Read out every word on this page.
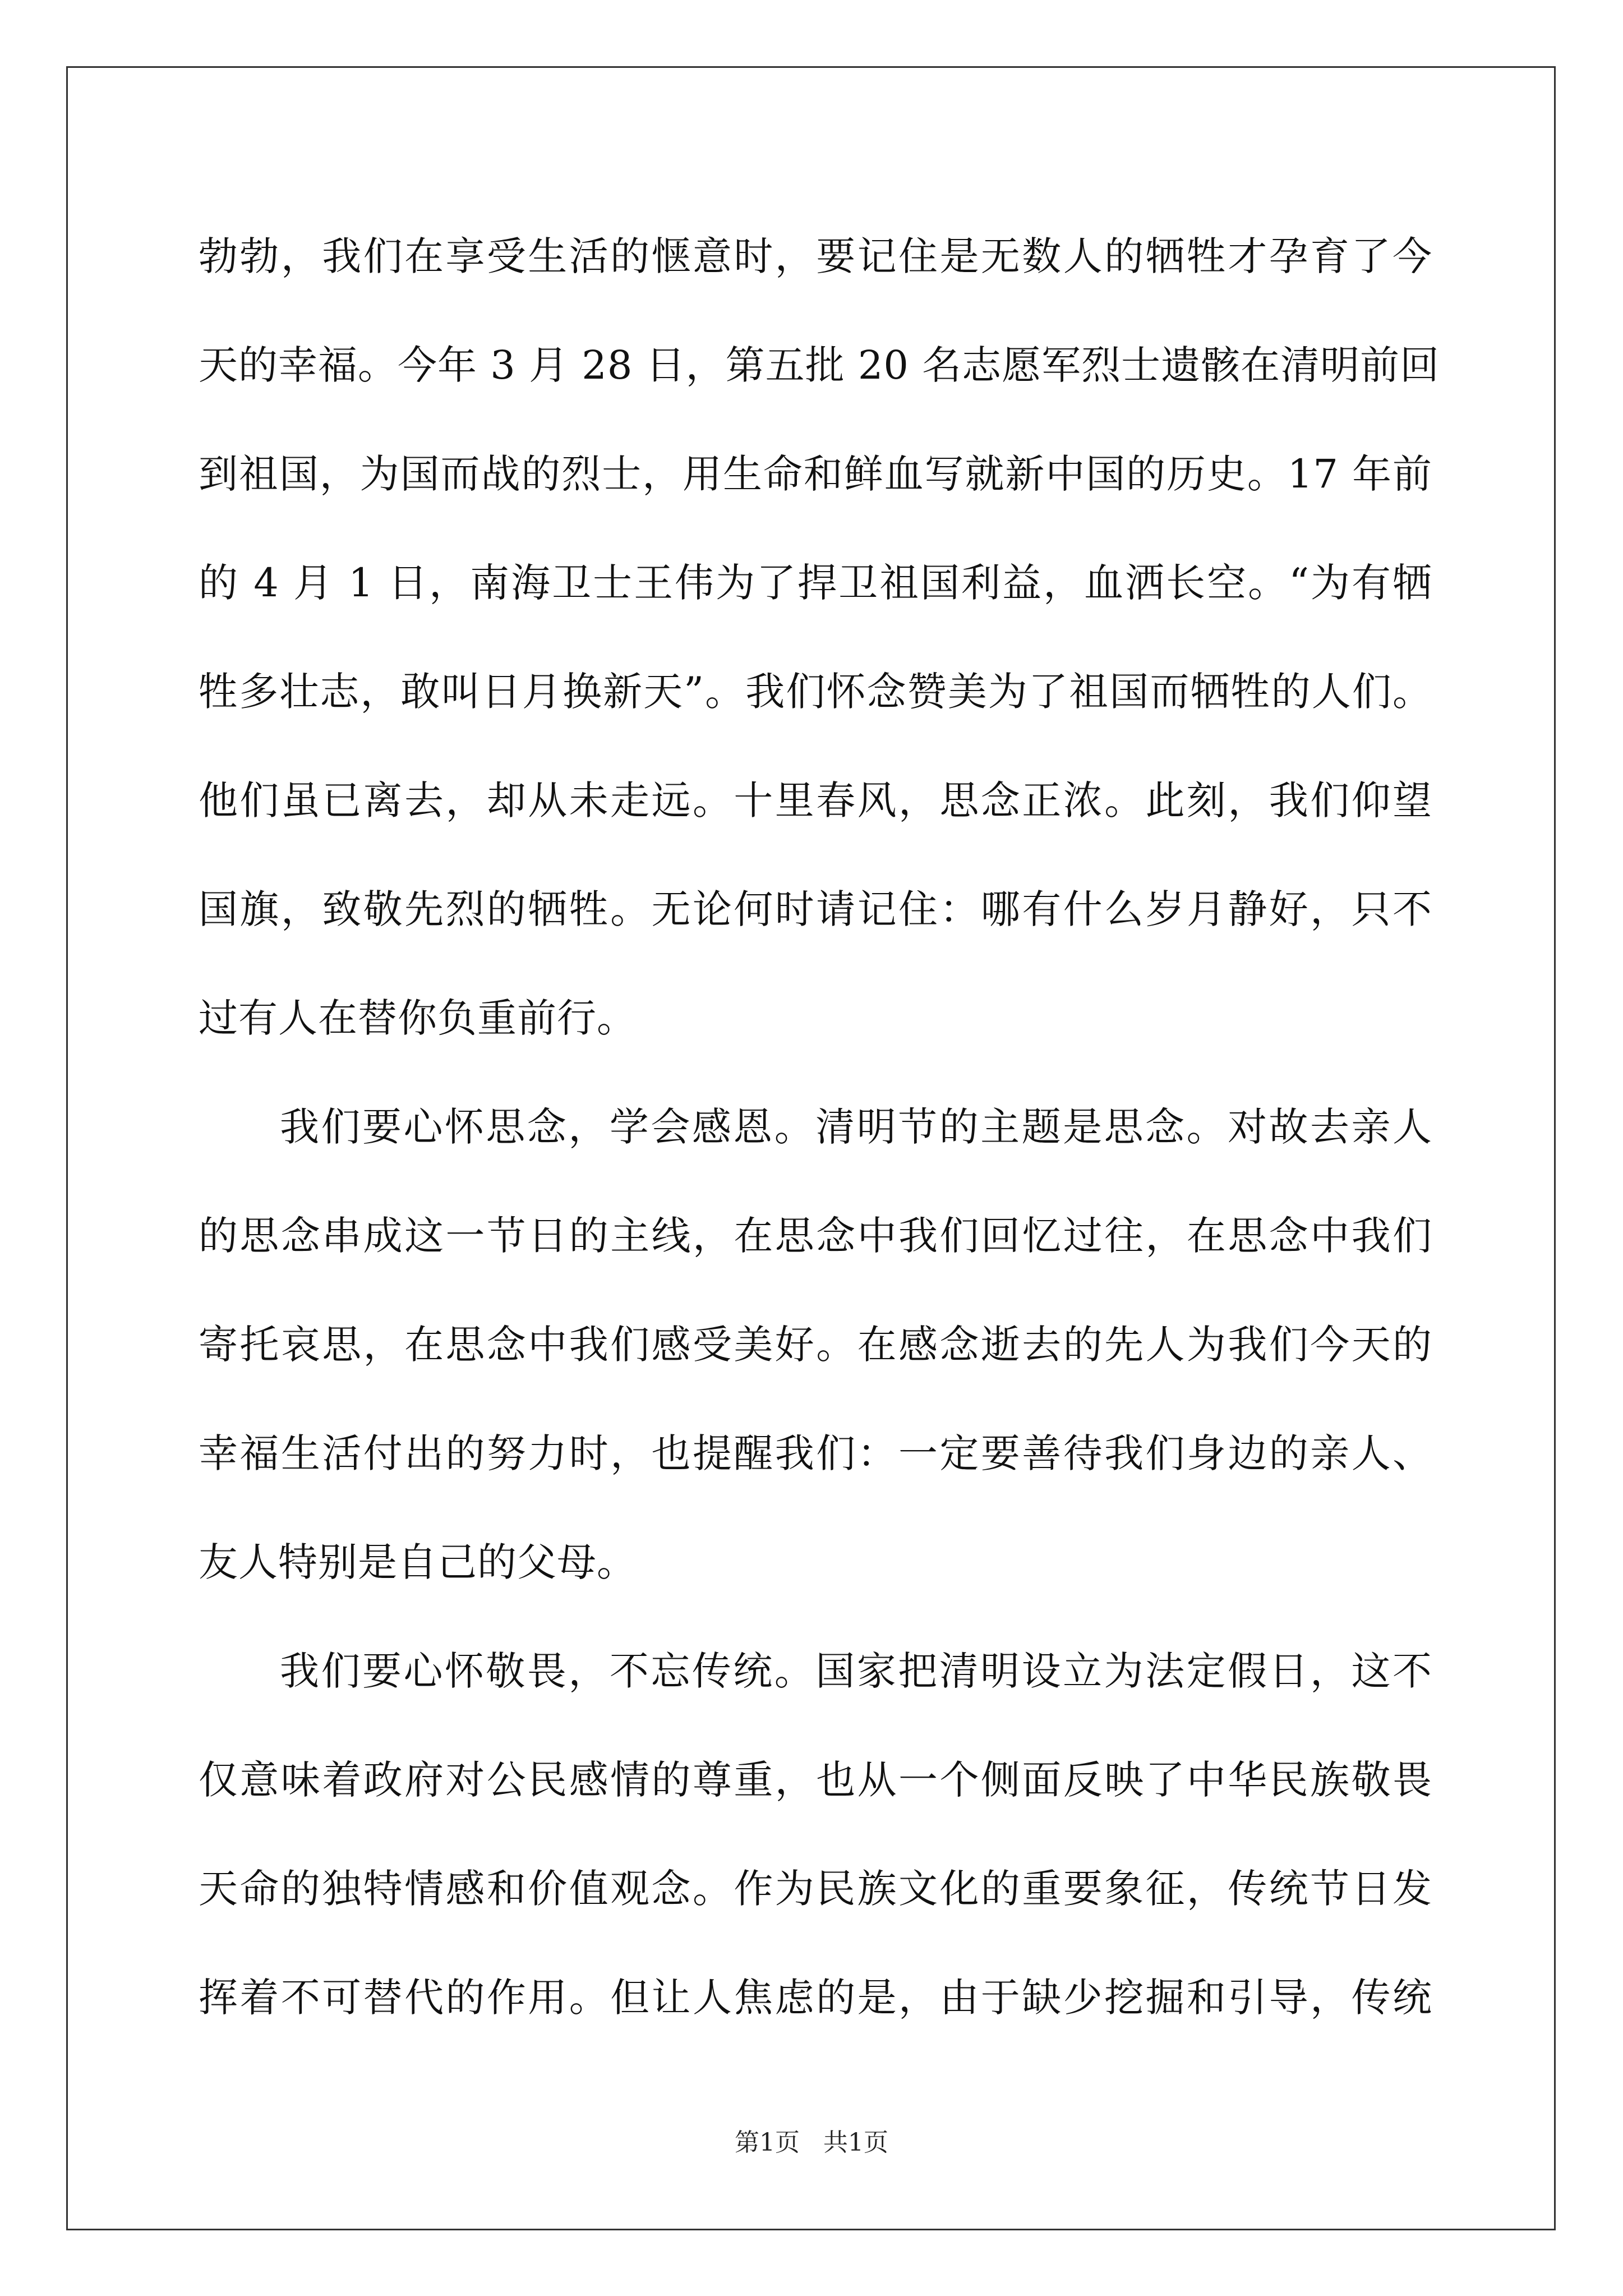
勃勃，我们在享受生活的惬意时，要记住是无数人的牺牲才孕育了今
天的幸福。今年 3 月 28 日，第五批 20 名志愿军烈士遗骸在清明前回
到祖国，为国而战的烈士，用生命和鲜血写就新中国的历史。17 年前
的 4 月 1 日，南海卫士王伟为了捍卫祖国利益，血洒长空。“为有牺
牲多壮志，敢叫日月换新天”。我们怀念赞美为了祖国而牺牲的人们。
他们虽已离去，却从未走远。十里春风，思念正浓。此刻，我们仰望
国旗，致敬先烈的牺牲。无论何时请记住：哪有什么岁月静好，只不
过有人在替你负重前行。
我们要心怀思念，学会感恩。清明节的主题是思念。对故去亲人
的思念串成这一节日的主线，在思念中我们回忆过往，在思念中我们
寄托哀思，在思念中我们感受美好。在感念逝去的先人为我们今天的
幸福生活付出的努力时，也提醒我们：一定要善待我们身边的亲人、
友人特别是自己的父母。
我们要心怀敬畏，不忘传统。国家把清明设立为法定假日，这不
仅意味着政府对公民感情的尊重，也从一个侧面反映了中华民族敬畏
天命的独特情感和价值观念。作为民族文化的重要象征，传统节日发
挥着不可替代的作用。但让人焦虑的是，由于缺少挖掘和引导，传统
第1页 共1页
